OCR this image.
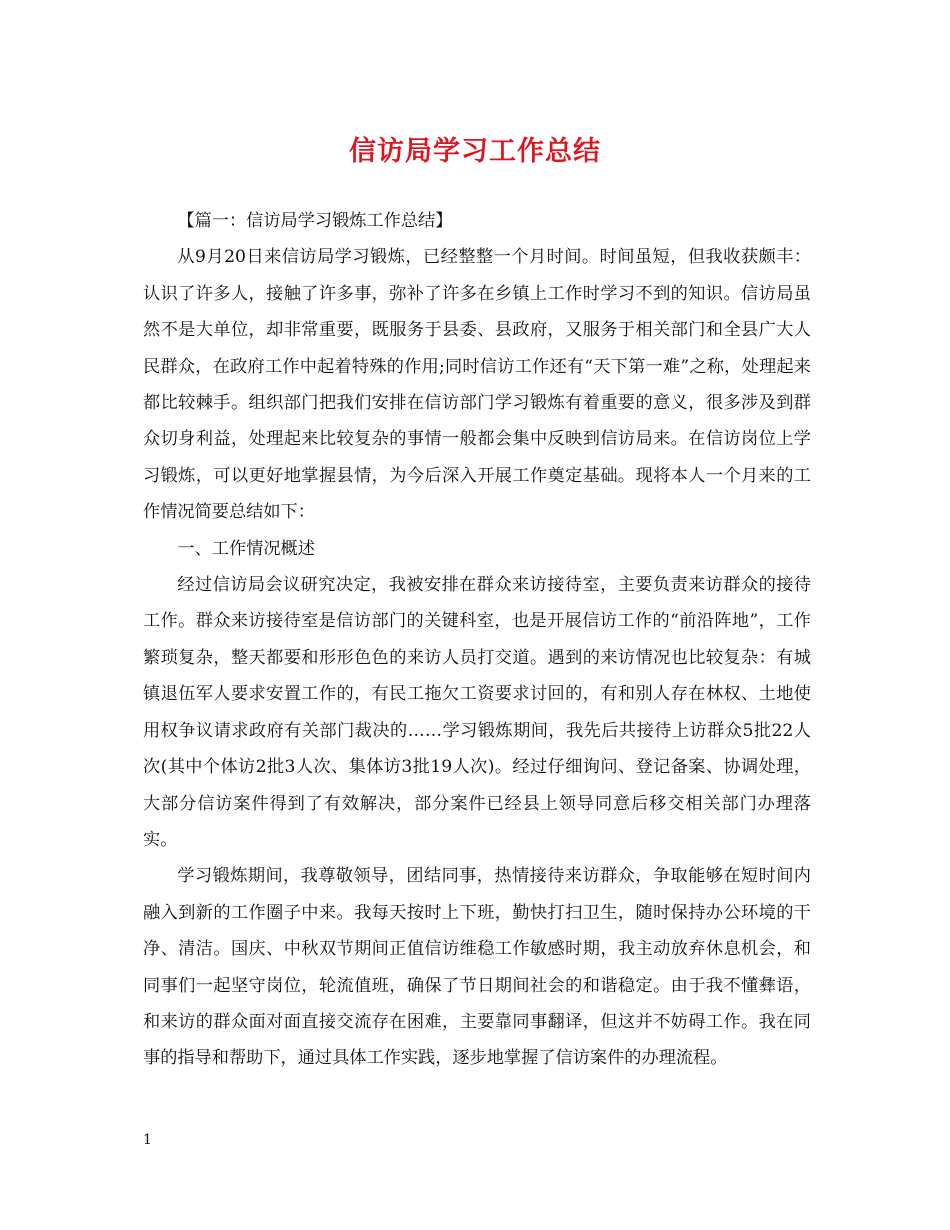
信访局学习工作总结

【篇一：信访局学习锻炼工作总结】

从9月20日来信访局学习锻炼，已经整整一个月时间。时间虽短，但我收获颇丰：认识了许多人，接触了许多事，弥补了许多在乡镇上工作时学习不到的知识。信访局虽然不是大单位，却非常重要，既服务于县委、县政府，又服务于相关部门和全县广大人民群众，在政府工作中起着特殊的作用;同时信访工作还有“天下第一难”之称，处理起来都比较棘手。组织部门把我们安排在信访部门学习锻炼有着重要的意义，很多涉及到群众切身利益，处理起来比较复杂的事情一般都会集中反映到信访局来。在信访岗位上学习锻炼，可以更好地掌握县情，为今后深入开展工作奠定基础。现将本人一个月来的工作情况简要总结如下：

一、工作情况概述

经过信访局会议研究决定，我被安排在群众来访接待室，主要负责来访群众的接待工作。群众来访接待室是信访部门的关键科室，也是开展信访工作的“前沿阵地”，工作繁琐复杂，整天都要和形形色色的来访人员打交道。遇到的来访情况也比较复杂：有城镇退伍军人要求安置工作的，有民工拖欠工资要求讨回的，有和别人存在林权、土地使用权争议请求政府有关部门裁决的……学习锻炼期间，我先后共接待上访群众5批22人次(其中个体访2批3人次、集体访3批19人次)。经过仔细询问、登记备案、协调处理，大部分信访案件得到了有效解决，部分案件已经县上领导同意后移交相关部门办理落实。

学习锻炼期间，我尊敬领导，团结同事，热情接待来访群众，争取能够在短时间内融入到新的工作圈子中来。我每天按时上下班，勤快打扫卫生，随时保持办公环境的干净、清洁。国庆、中秋双节期间正值信访维稳工作敏感时期，我主动放弃休息机会，和同事们一起坚守岗位，轮流值班，确保了节日期间社会的和谐稳定。由于我不懂彝语，和来访的群众面对面直接交流存在困难，主要靠同事翻译，但这并不妨碍工作。我在同事的指导和帮助下，通过具体工作实践，逐步地掌握了信访案件的办理流程。

1
